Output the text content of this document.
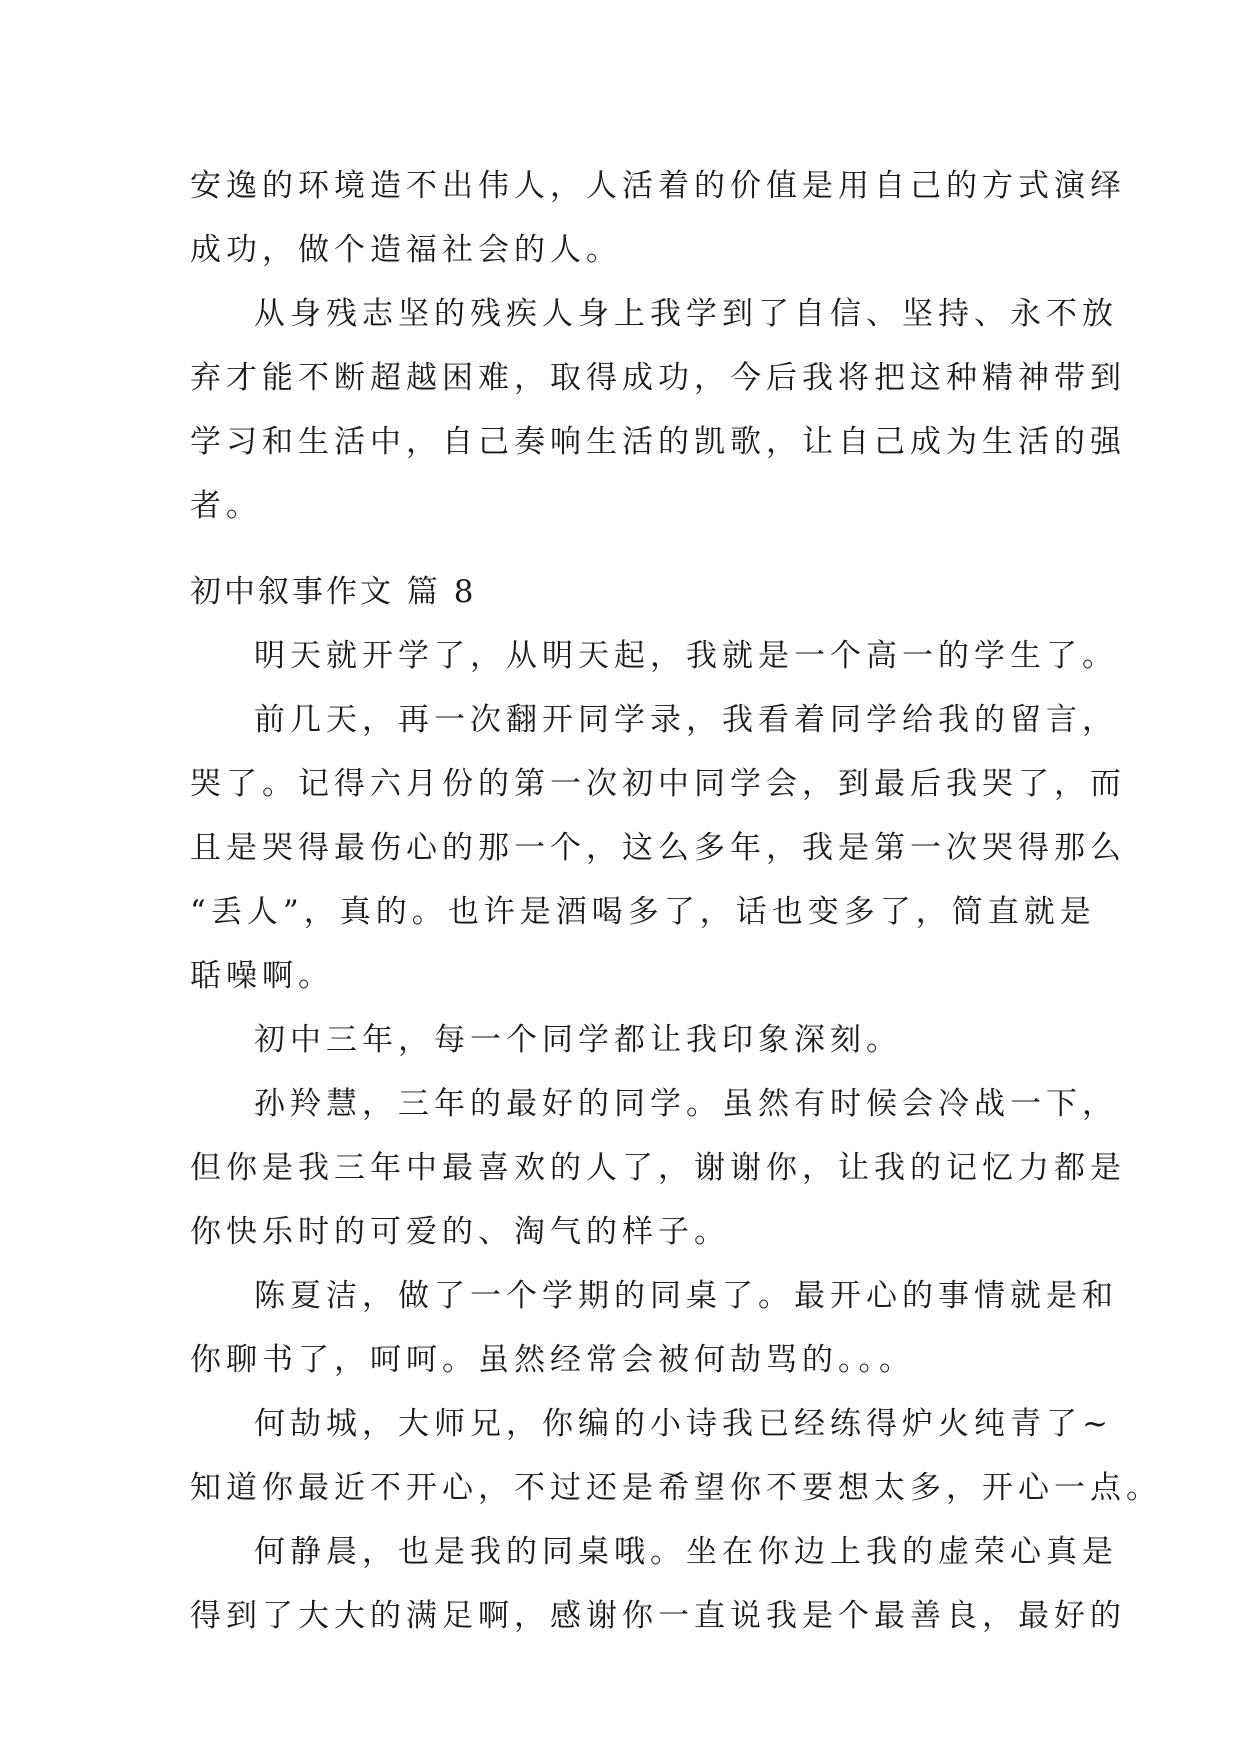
安逸的环境造不出伟人，人活着的价值是用自己的方式演绎
成功，做个造福社会的人。
从身残志坚的残疾人身上我学到了自信、坚持、永不放
弃才能不断超越困难，取得成功，今后我将把这种精神带到
学习和生活中，自己奏响生活的凯歌，让自己成为生活的强
者。
初中叙事作文 篇 8
明天就开学了，从明天起，我就是一个高一的学生了。
前几天，再一次翻开同学录，我看着同学给我的留言，
哭了。记得六月份的第一次初中同学会，到最后我哭了，而
且是哭得最伤心的那一个，这么多年，我是第一次哭得那么
“丢人”，真的。也许是酒喝多了，话也变多了，简直就是
聒噪啊。
初中三年，每一个同学都让我印象深刻。
孙羚慧，三年的最好的同学。虽然有时候会冷战一下，
但你是我三年中最喜欢的人了，谢谢你，让我的记忆力都是
你快乐时的可爱的、淘气的样子。
陈夏洁，做了一个学期的同桌了。最开心的事情就是和
你聊书了，呵呵。虽然经常会被何劼骂的。。。
何劼城，大师兄，你编的小诗我已经练得炉火纯青了~
知道你最近不开心，不过还是希望你不要想太多，开心一点。
何静晨，也是我的同桌哦。坐在你边上我的虚荣心真是
得到了大大的满足啊，感谢你一直说我是个最善良，最好的
